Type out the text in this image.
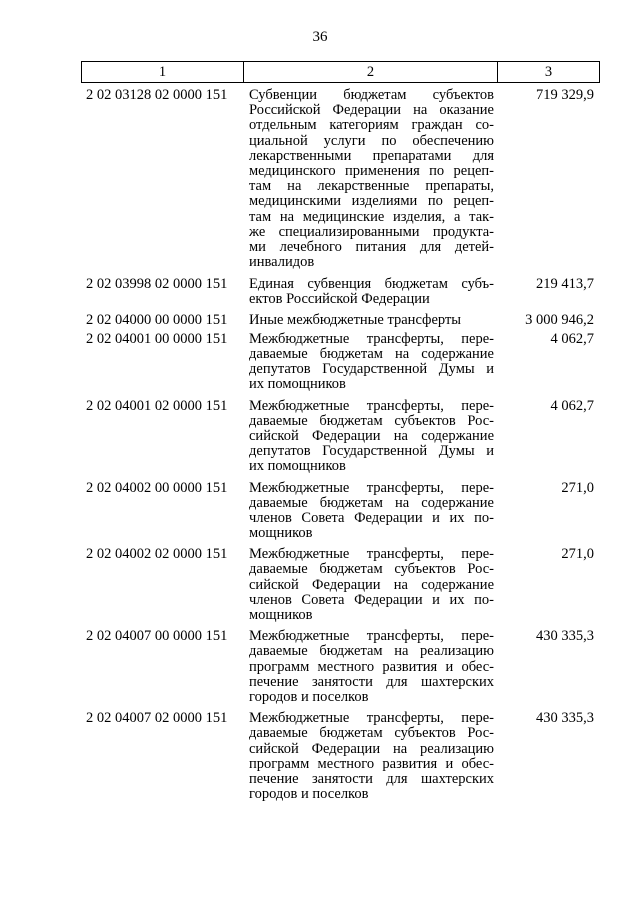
36
1	2	3
2 02 03128 02 0000 151	Субвенции бюджетам субъектов
Российской Федерации на оказание
отдельным категориям граждан со-
циальной услуги по обеспечению
лекарственными препаратами для
медицинского применения по рецеп-
там на лекарственные препараты,
медицинскими изделиями по рецеп-
там на медицинские изделия, а так-
же специализированными продукта-
ми лечебного питания для детей-
инвалидов
719 329,9
2 02 03998 02 0000 151	Единая субвенция бюджетам субъ-
ектов Российской Федерации
219 413,7
2 02 04000 00 0000 151	Иные межбюджетные трансферты	3 000 946,2
2 02 04001 00 0000 151	Межбюджетные трансферты, пере-
даваемые бюджетам на содержание
депутатов Государственной Думы и
их помощников
4 062,7
2 02 04001 02 0000 151	Межбюджетные трансферты, пере-
даваемые бюджетам субъектов Рос-
сийской Федерации на содержание
депутатов Государственной Думы и
их помощников
4 062,7
2 02 04002 00 0000 151	Межбюджетные трансферты, пере-
даваемые бюджетам на содержание
членов Совета Федерации и их по-
мощников
271,0
2 02 04002 02 0000 151	Межбюджетные трансферты, пере-
даваемые бюджетам субъектов Рос-
сийской Федерации на содержание
членов Совета Федерации и их по-
мощников
271,0
2 02 04007 00 0000 151	Межбюджетные трансферты, пере-
даваемые бюджетам на реализацию
программ местного развития и обес-
печение занятости для шахтерских
городов и поселков
430 335,3
2 02 04007 02 0000 151	Межбюджетные трансферты, пере-
даваемые бюджетам субъектов Рос-
сийской Федерации на реализацию
программ местного развития и обес-
печение занятости для шахтерских
городов и поселков
430 335,3
